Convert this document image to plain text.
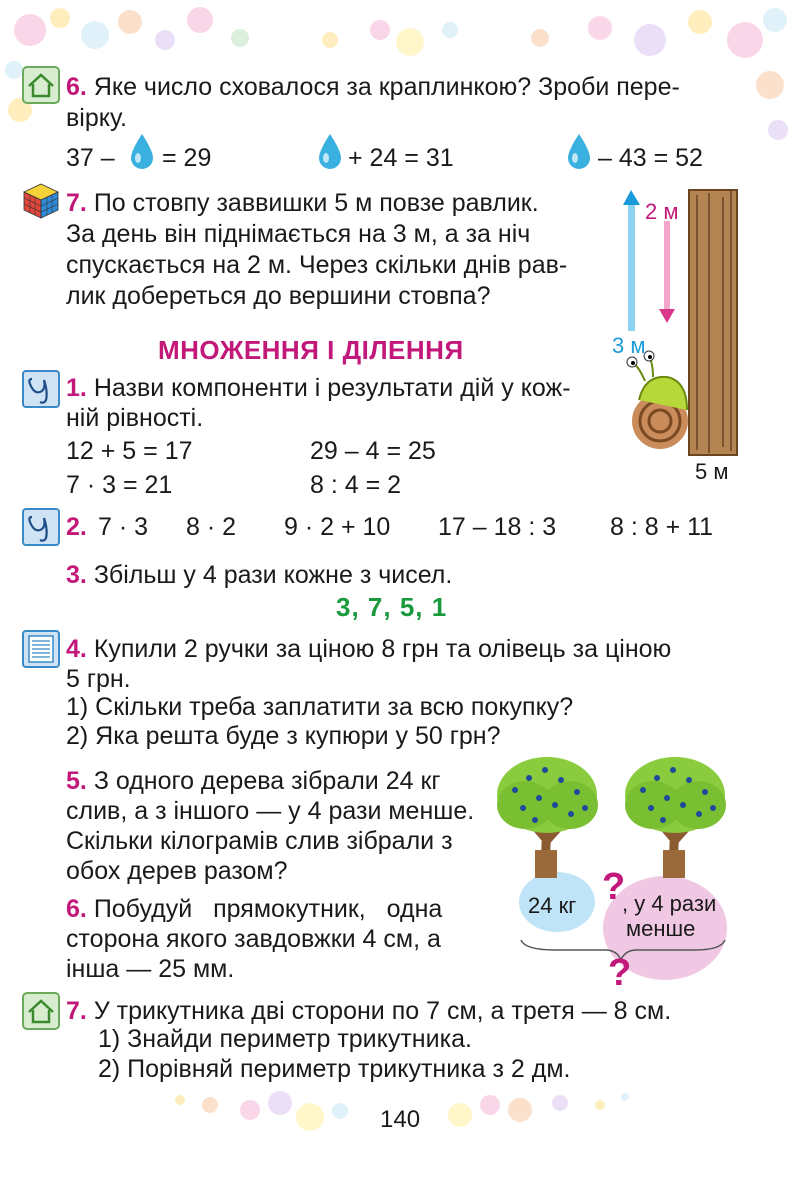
6. Яке число сховалося за краплинкою? Зроби пере-
вірку.
37 – = 29	+ 24 = 31	– 43 = 52
7. По стовпу заввишки 5 м повзе равлик.
За день він піднімається на 3 м, а за ніч
спускається на 2 м. Через скільки днів рав-
лик добереться до вершини стовпа?
2 м
3 м
5 м
МНОЖЕННЯ І ДІЛЕННЯ
1. Назви компоненти і результати дій у кож-
ній рівності.
12 + 5 = 17	29 – 4 = 25
7 · 3 = 21	8 : 4 = 2
2. 7 · 3 8 · 2 9 · 2 + 10 17 – 18 : 3 8 : 8 + 11
3. Збільш у 4 рази кожне з чисел.
3, 7, 5, 1
4. Купили 2 ручки за ціною 8 грн та олівець за ціною
5 грн.
1) Скільки треба заплатити за всю покупку?
2) Яка решта буде з купюри у 50 грн?
5. З одного дерева зібрали 24 кг
слив, а з іншого — у 4 рази менше.
Скільки кілограмів слив зібрали з
обох дерев разом?
24 кг ?
, у 4 рази
менше
?
6. Побудуй прямокутник, одна
сторона якого завдовжки 4 см, а
інша — 25 мм.
7. У трикутника дві сторони по 7 см, а третя — 8 см.
1) Знайди периметр трикутника.
2) Порівняй периметр трикутника з 2 дм.
140
